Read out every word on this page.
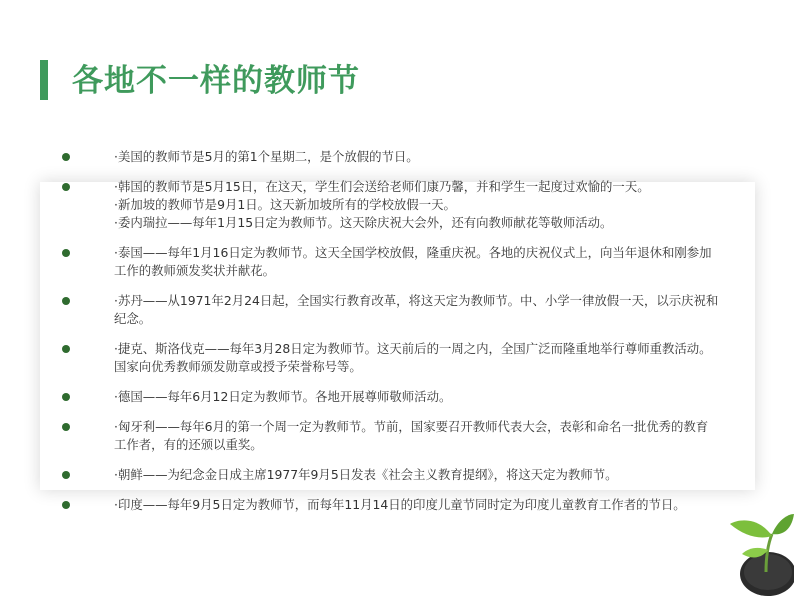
各地不一样的教师节
·美国的教师节是5月的第1个星期二，是个放假的节日。
·韩国的教师节是5月15日，在这天，学生们会送给老师们康乃馨，并和学生一起度过欢愉的一天。
·新加坡的教师节是9月1日。这天新加坡所有的学校放假一天。
·委内瑞拉——每年1月15日定为教师节。这天除庆祝大会外，还有向教师献花等敬师活动。
·泰国——每年1月16日定为教师节。这天全国学校放假，隆重庆祝。各地的庆祝仪式上，向当年退休和刚参加
工作的教师颁发奖状并献花。
·苏丹——从1971年2月24日起，全国实行教育改革，将这天定为教师节。中、小学一律放假一天，以示庆祝和
纪念。
·捷克、斯洛伐克——每年3月28日定为教师节。这天前后的一周之内，全国广泛而隆重地举行尊师重教活动。
国家向优秀教师颁发勋章或授予荣誉称号等。
·德国——每年6月12日定为教师节。各地开展尊师敬师活动。
·匈牙利——每年6月的第一个周一定为教师节。节前，国家要召开教师代表大会，表彰和命名一批优秀的教育
工作者，有的还颁以重奖。
·朝鲜——为纪念金日成主席1977年9月5日发表《社会主义教育提纲》，将这天定为教师节。
·印度——每年9月5日定为教师节，而每年11月14日的印度儿童节同时定为印度儿童教育工作者的节日。
